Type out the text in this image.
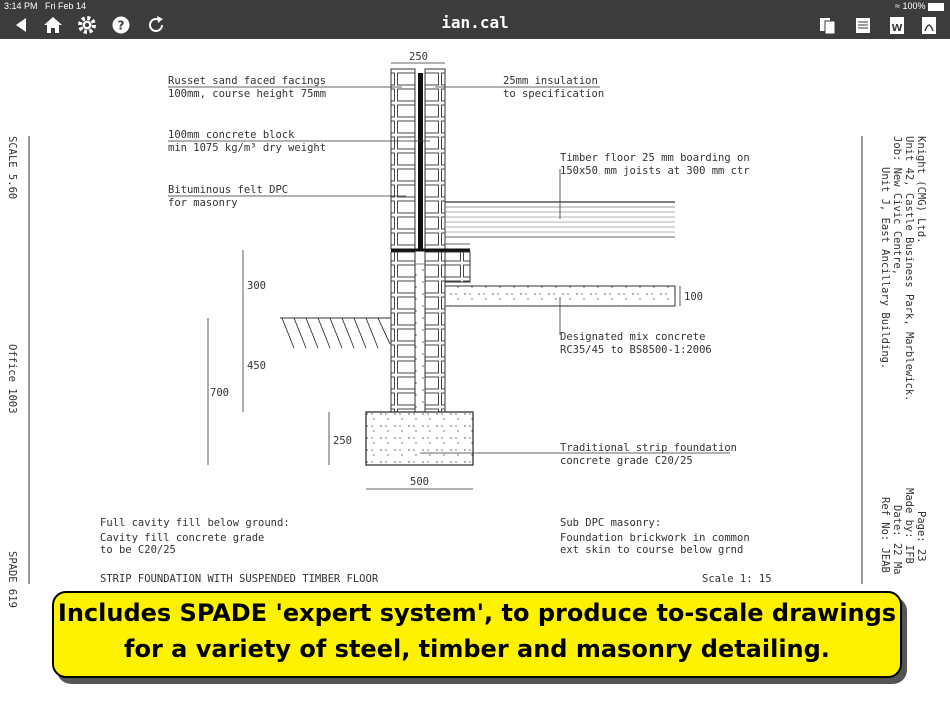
3:14 PM Fri Feb 14	≈ 100%
?	ian.cal	W
Russet sand faced facings
100mm, course height 75mm
100mm concrete block
min 1075 kg/m³ dry weight
Bituminous felt DPC
for masonry
25mm insulation
to specification
Timber floor 25 mm boarding on
150x50 mm joists at 300 mm ctr
Designated mix concrete
RC35/45 to BS8500-1:2006
Traditional strip foundation
concrete grade C20/25
250
300
450
700
250
500
100
Full cavity fill below ground:
Cavity fill concrete grade
to be C20/25
Sub DPC masonry:
Foundation brickwork in common
ext skin to course below grnd
STRIP FOUNDATION WITH SUSPENDED TIMBER FLOOR	Scale 1: 15
SCALE 5.60
Office 1003
SPADE 619
Knight (CMG) Ltd.
Unit 42, Castle Business Park, Marblewick.
Job: New Civic Centre,
Unit J, East Ancillary Building.
Page: 23
Made by: IFB
Date: 22 Ma
Ref No: JEAB
Includes SPADE 'expert system', to produce to-scale drawings
for a variety of steel, timber and masonry detailing.
